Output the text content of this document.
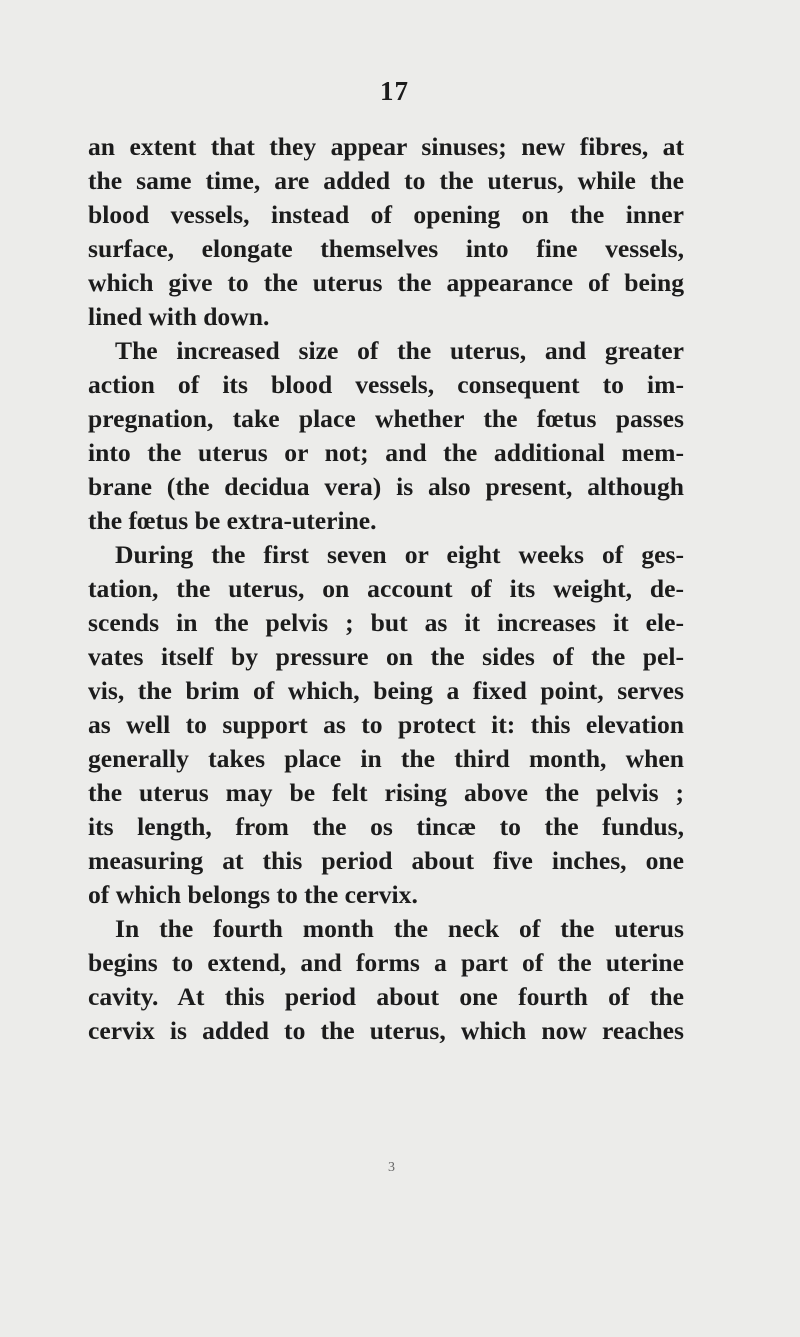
17
an extent that they appear sinuses; new fibres, at
the same time, are added to the uterus, while the
blood vessels, instead of opening on the inner
surface, elongate themselves into fine vessels,
which give to the uterus the appearance of being
lined with down.
The increased size of the uterus, and greater
action of its blood vessels, consequent to im-
pregnation, take place whether the fœtus passes
into the uterus or not; and the additional mem-
brane (the decidua vera) is also present, although
the fœtus be extra-uterine.
During the first seven or eight weeks of ges-
tation, the uterus, on account of its weight, de-
scends in the pelvis ; but as it increases it ele-
vates itself by pressure on the sides of the pel-
vis, the brim of which, being a fixed point, serves
as well to support as to protect it: this elevation
generally takes place in the third month, when
the uterus may be felt rising above the pelvis ;
its length, from the os tincæ to the fundus,
measuring at this period about five inches, one
of which belongs to the cervix.
In the fourth month the neck of the uterus
begins to extend, and forms a part of the uterine
cavity. At this period about one fourth of the
cervix is added to the uterus, which now reaches
3
